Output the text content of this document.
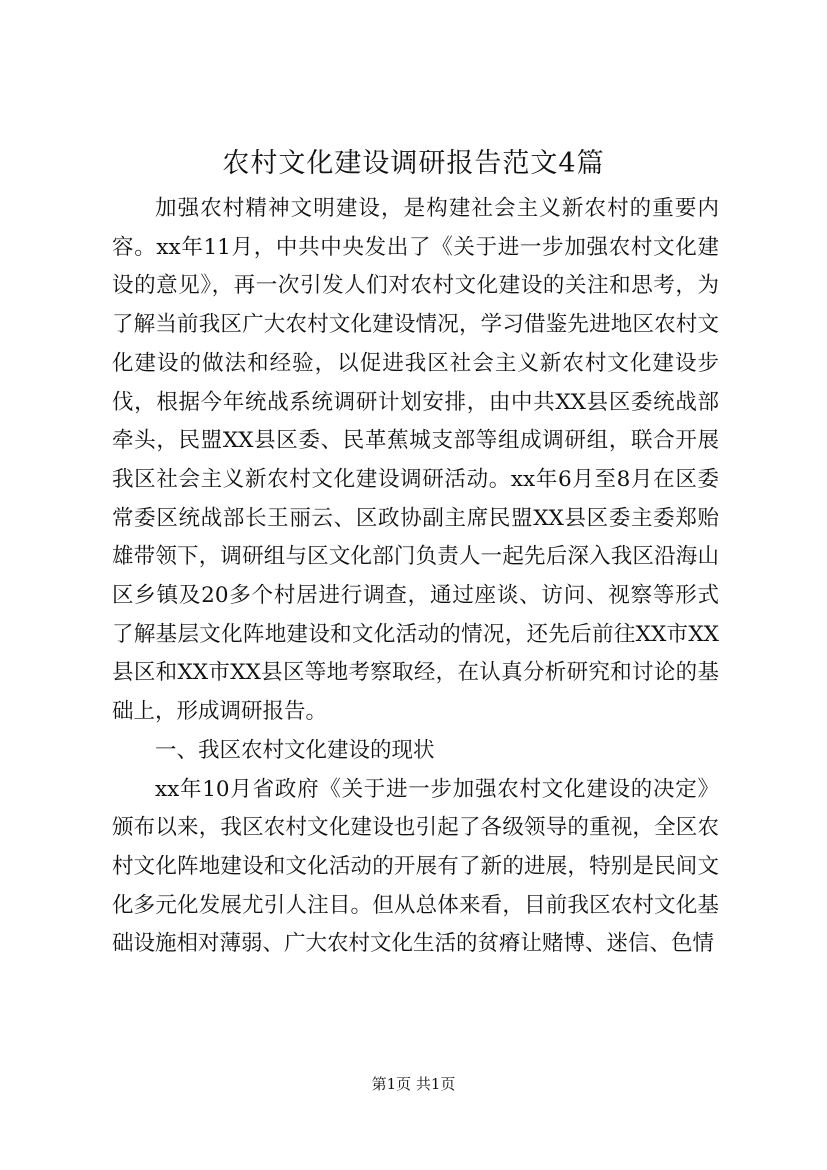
农村文化建设调研报告范文4篇

加强农村精神文明建设，是构建社会主义新农村的重要内容。xx年11月，中共中央发出了《关于进一步加强农村文化建设的意见》，再一次引发人们对农村文化建设的关注和思考，为了解当前我区广大农村文化建设情况，学习借鉴先进地区农村文化建设的做法和经验，以促进我区社会主义新农村文化建设步伐，根据今年统战系统调研计划安排，由中共XX县区委统战部牵头，民盟XX县区委、民革蕉城支部等组成调研组，联合开展我区社会主义新农村文化建设调研活动。xx年6月至8月在区委常委区统战部长王丽云、区政协副主席民盟XX县区委主委郑贻雄带领下，调研组与区文化部门负责人一起先后深入我区沿海山区乡镇及20多个村居进行调查，通过座谈、访问、视察等形式了解基层文化阵地建设和文化活动的情况，还先后前往XX市XX县区和XX市XX县区等地考察取经，在认真分析研究和讨论的基础上，形成调研报告。

一、我区农村文化建设的现状

xx年10月省政府《关于进一步加强农村文化建设的决定》颁布以来，我区农村文化建设也引起了各级领导的重视，全区农村文化阵地建设和文化活动的开展有了新的进展，特别是民间文化多元化发展尤引人注目。但从总体来看，目前我区农村文化基础设施相对薄弱、广大农村文化生活的贫瘠让赌博、迷信、色情

第1页 共1页
